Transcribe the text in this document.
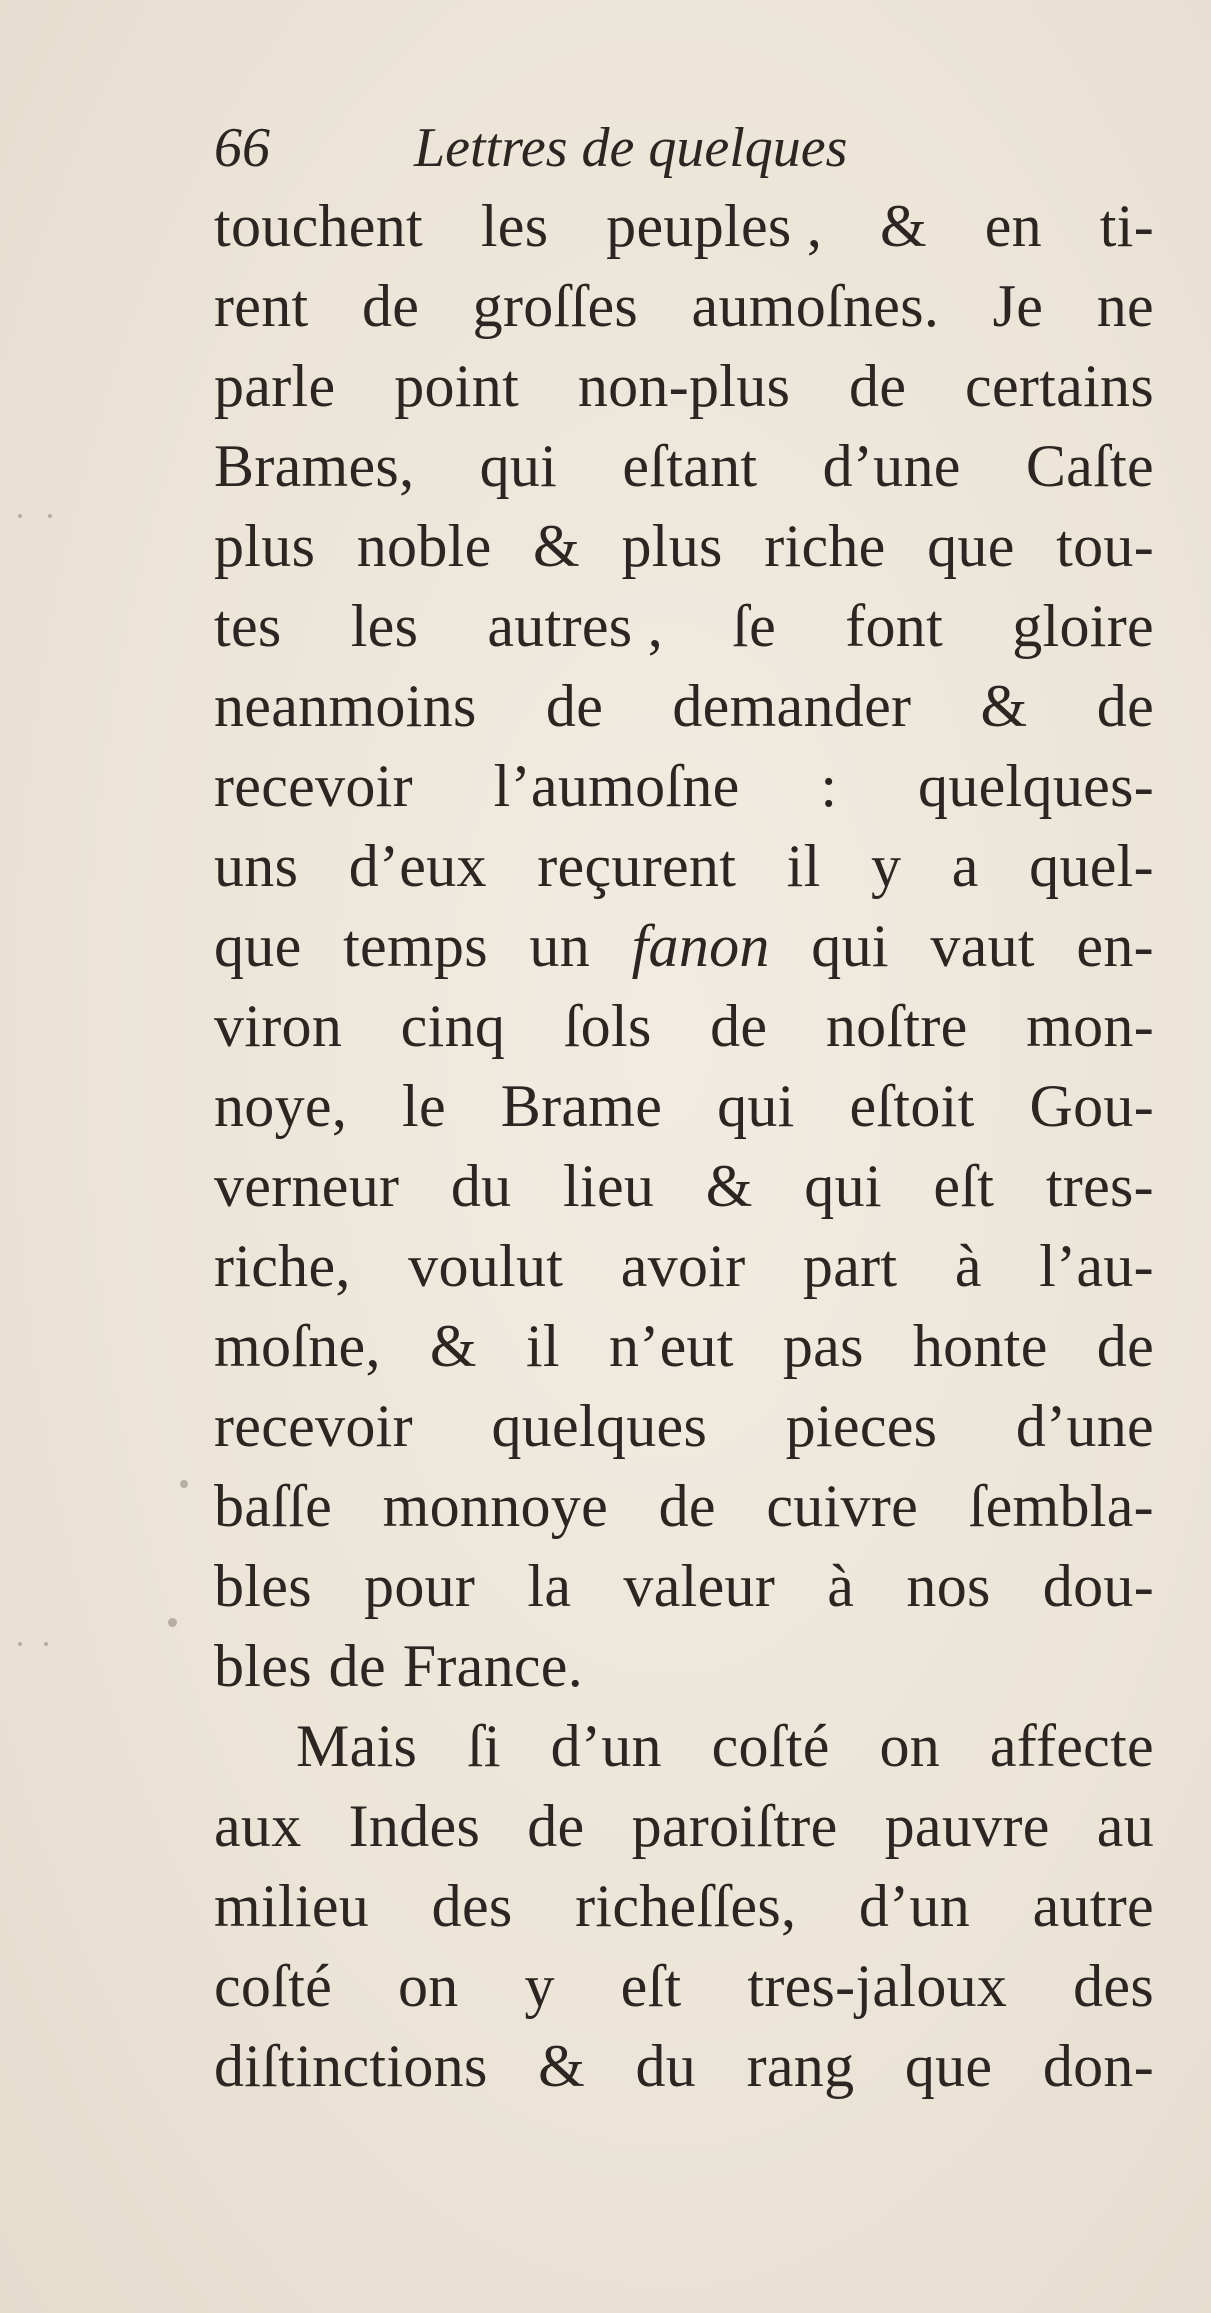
66	Lettres de quelques
touchent les peuples , & en ti-
rent de groſſes aumoſnes. Je ne
parle point non-plus de certains
Brames, qui eſtant d’une Caſte
plus noble & plus riche que tou-
tes les autres , ſe font gloire
neanmoins de demander & de
recevoir l’aumoſne : quelques-
uns d’eux reçurent il y a quel-
que temps un fanon qui vaut en-
viron cinq ſols de noſtre mon-
noye, le Brame qui eſtoit Gou-
verneur du lieu & qui eſt tres-
riche, voulut avoir part à l’au-
moſne, & il n’eut pas honte de
recevoir quelques pieces d’une
baſſe monnoye de cuivre ſembla-
bles pour la valeur à nos dou-
bles de France.
Mais ſi d’un coſté on affecte
aux Indes de paroiſtre pauvre au
milieu des richeſſes, d’un autre
coſté on y eſt tres-jaloux des
diſtinctions & du rang que don-
